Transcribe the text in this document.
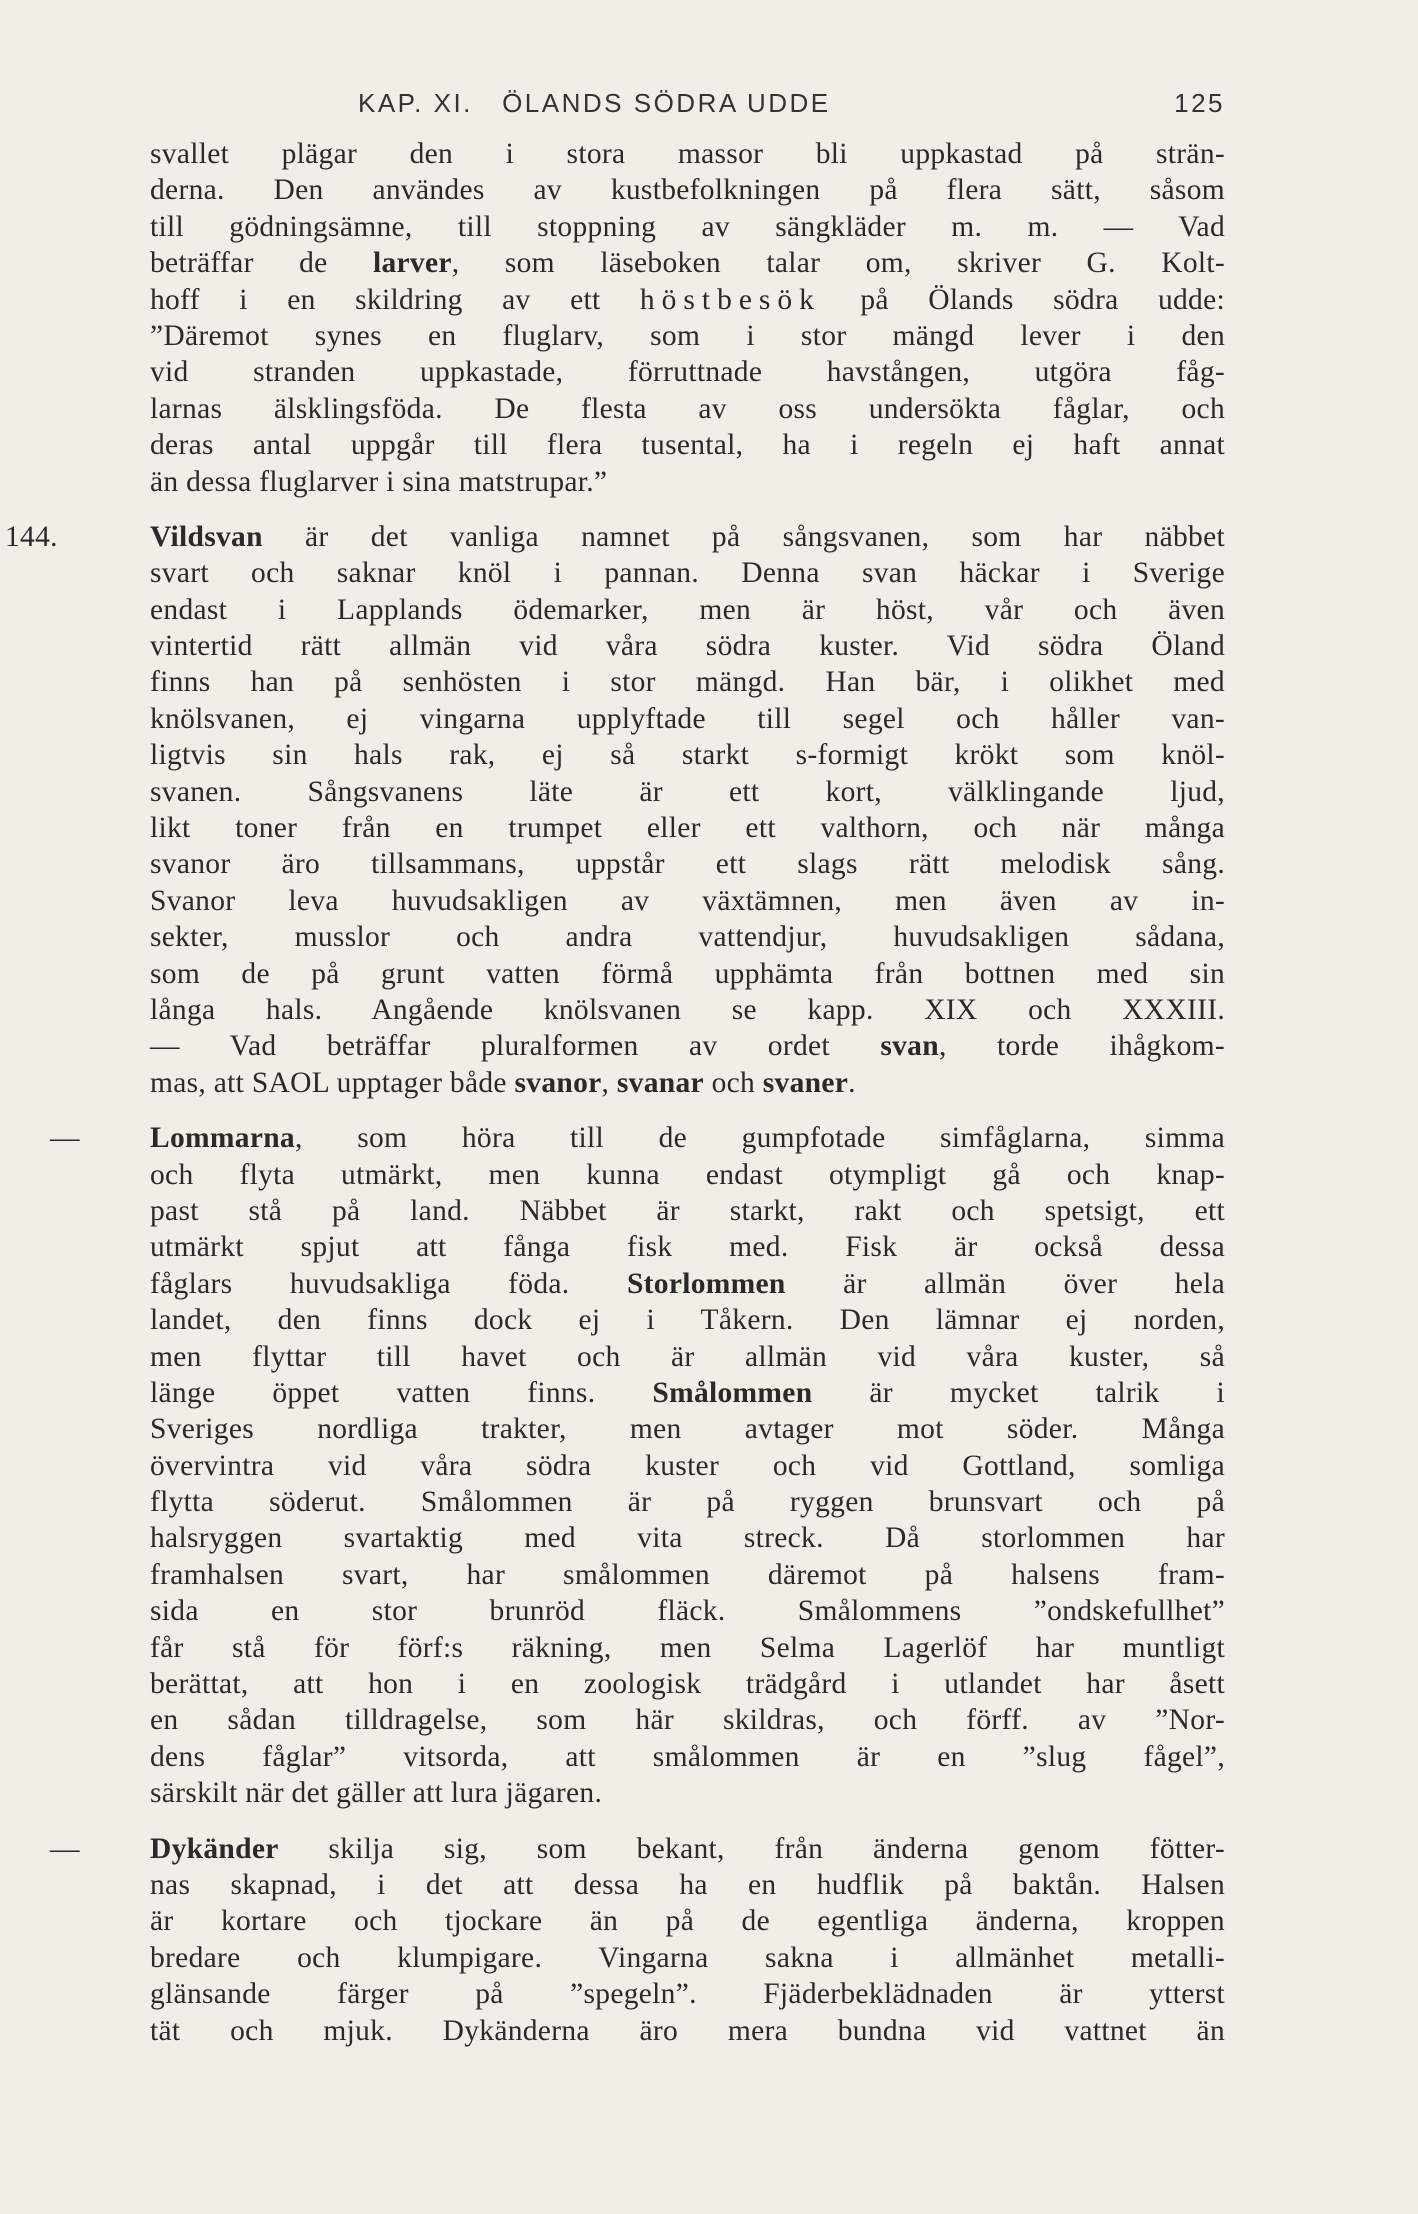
KAP. XI.   ÖLANDS SÖDRA UDDE	125
svallet plägar den i stora massor bli uppkastad på strän-
derna. Den användes av kustbefolkningen på flera sätt, såsom
till gödningsämne, till stoppning av sängkläder m. m. — Vad
beträffar de larver, som läseboken talar om, skriver G. Kolt-
hoff i en skildring av ett höstbesök på Ölands södra udde:
”Däremot synes en fluglarv, som i stor mängd lever i den
vid stranden uppkastade, förruttnade havstången, utgöra fåg-
larnas älsklingsföda. De flesta av oss undersökta fåglar, och
deras antal uppgår till flera tusental, ha i regeln ej haft annat
än dessa fluglarver i sina matstrupar.”
144.	Vildsvan är det vanliga namnet på sångsvanen, som har näbbet
svart och saknar knöl i pannan. Denna svan häckar i Sverige
endast i Lapplands ödemarker, men är höst, vår och även
vintertid rätt allmän vid våra södra kuster. Vid södra Öland
finns han på senhösten i stor mängd. Han bär, i olikhet med
knölsvanen, ej vingarna upplyftade till segel och håller van-
ligtvis sin hals rak, ej så starkt s-formigt krökt som knöl-
svanen. Sångsvanens läte är ett kort, välklingande ljud,
likt toner från en trumpet eller ett valthorn, och när många
svanor äro tillsammans, uppstår ett slags rätt melodisk sång.
Svanor leva huvudsakligen av växtämnen, men även av in-
sekter, musslor och andra vattendjur, huvudsakligen sådana,
som de på grunt vatten förmå upphämta från bottnen med sin
långa hals. Angående knölsvanen se kapp. XIX och XXXIII.
— Vad beträffar pluralformen av ordet svan, torde ihågkom-
mas, att SAOL upptager både svanor, svanar och svaner.
— Lommarna, som höra till de gumpfotade simfåglarna, simma
och flyta utmärkt, men kunna endast otympligt gå och knap-
past stå på land. Näbbet är starkt, rakt och spetsigt, ett
utmärkt spjut att fånga fisk med. Fisk är också dessa
fåglars huvudsakliga föda. Storlommen är allmän över hela
landet, den finns dock ej i Tåkern. Den lämnar ej norden,
men flyttar till havet och är allmän vid våra kuster, så
länge öppet vatten finns. Smålommen är mycket talrik i
Sveriges nordliga trakter, men avtager mot söder. Många
övervintra vid våra södra kuster och vid Gottland, somliga
flytta söderut. Smålommen är på ryggen brunsvart och på
halsryggen svartaktig med vita streck. Då storlommen har
framhalsen svart, har smålommen däremot på halsens fram-
sida en stor brunröd fläck. Smålommens ”ondskefullhet”
får stå för förf:s räkning, men Selma Lagerlöf har muntligt
berättat, att hon i en zoologisk trädgård i utlandet har åsett
en sådan tilldragelse, som här skildras, och förff. av ”Nor-
dens fåglar” vitsorda, att smålommen är en ”slug fågel”,
särskilt när det gäller att lura jägaren.
— Dykänder skilja sig, som bekant, från änderna genom fötter-
nas skapnad, i det att dessa ha en hudflik på baktån. Halsen
är kortare och tjockare än på de egentliga änderna, kroppen
bredare och klumpigare. Vingarna sakna i allmänhet metalli-
glänsande färger på ”spegeln”. Fjäderbeklädnaden är ytterst
tät och mjuk. Dykänderna äro mera bundna vid vattnet än
